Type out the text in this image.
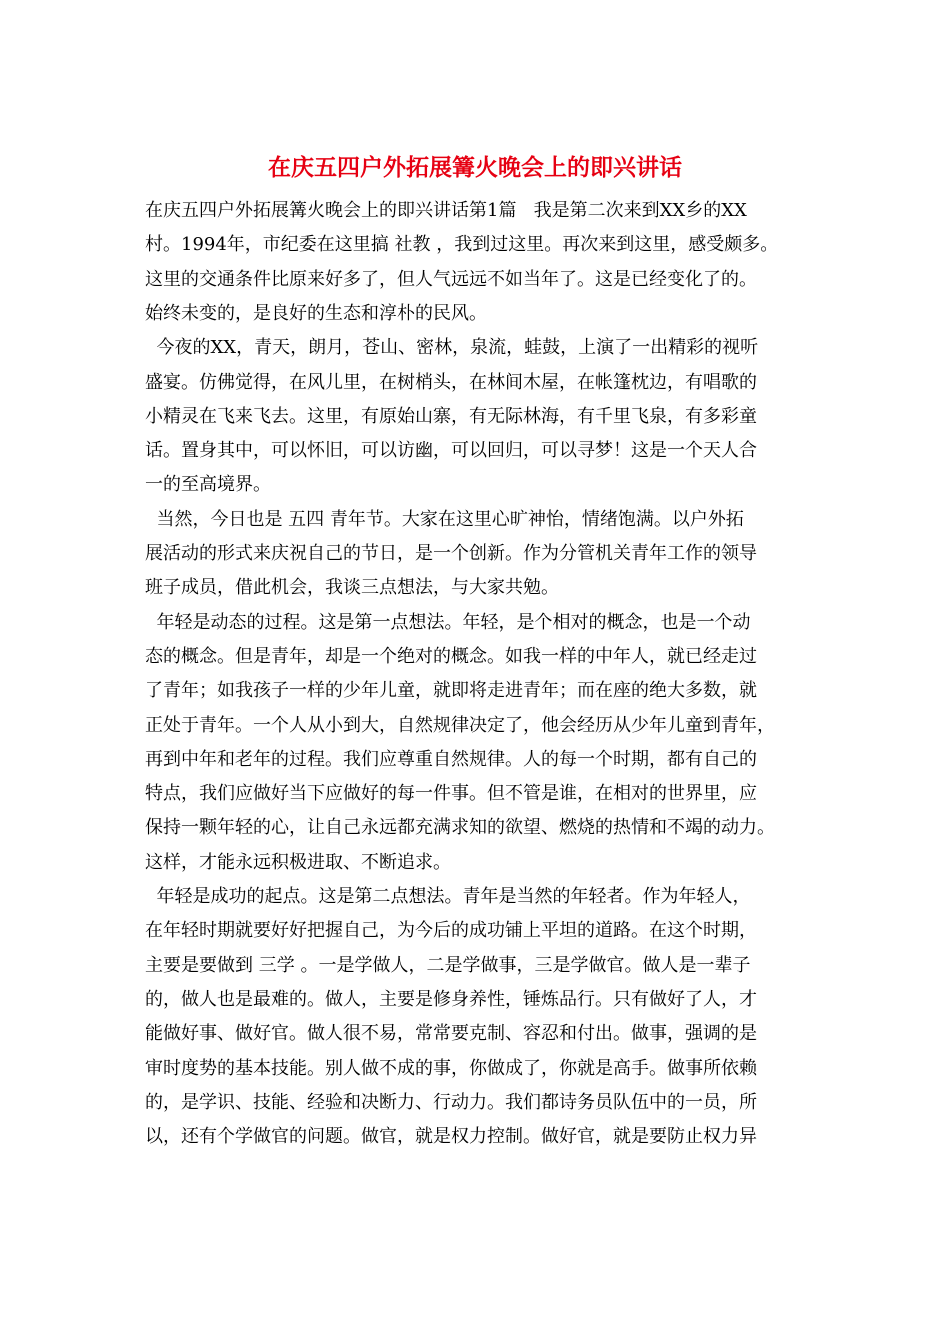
在庆五四户外拓展篝火晚会上的即兴讲话
在庆五四户外拓展篝火晚会上的即兴讲话第1篇   我是第二次来到XX乡的XX
村。1994年，市纪委在这里搞 社教 ，我到过这里。再次来到这里，感受颇多。
这里的交通条件比原来好多了，但人气远远不如当年了。这是已经变化了的。
始终未变的，是良好的生态和淳朴的民风。
今夜的XX，青天，朗月，苍山、密林，泉流，蛙鼓，上演了一出精彩的视听
盛宴。仿佛觉得，在风儿里，在树梢头，在林间木屋，在帐篷枕边，有唱歌的
小精灵在飞来飞去。这里，有原始山寨，有无际林海，有千里飞泉，有多彩童
话。置身其中，可以怀旧，可以访幽，可以回归，可以寻梦！这是一个天人合
一的至高境界。
当然，今日也是 五四 青年节。大家在这里心旷神怡，情绪饱满。以户外拓
展活动的形式来庆祝自己的节日，是一个创新。作为分管机关青年工作的领导
班子成员，借此机会，我谈三点想法，与大家共勉。
年轻是动态的过程。这是第一点想法。年轻，是个相对的概念，也是一个动
态的概念。但是青年，却是一个绝对的概念。如我一样的中年人，就已经走过
了青年；如我孩子一样的少年儿童，就即将走进青年；而在座的绝大多数，就
正处于青年。一个人从小到大，自然规律决定了，他会经历从少年儿童到青年，
再到中年和老年的过程。我们应尊重自然规律。人的每一个时期，都有自己的
特点，我们应做好当下应做好的每一件事。但不管是谁，在相对的世界里，应
保持一颗年轻的心，让自己永远都充满求知的欲望、燃烧的热情和不竭的动力。
这样，才能永远积极进取、不断追求。
年轻是成功的起点。这是第二点想法。青年是当然的年轻者。作为年轻人，
在年轻时期就要好好把握自己，为今后的成功铺上平坦的道路。在这个时期，
主要是要做到 三学 。一是学做人，二是学做事，三是学做官。做人是一辈子
的，做人也是最难的。做人，主要是修身养性，锤炼品行。只有做好了人，才
能做好事、做好官。做人很不易，常常要克制、容忍和付出。做事，强调的是
审时度势的基本技能。别人做不成的事，你做成了，你就是高手。做事所依赖
的，是学识、技能、经验和决断力、行动力。我们都诗务员队伍中的一员，所
以，还有个学做官的问题。做官，就是权力控制。做好官，就是要防止权力异
